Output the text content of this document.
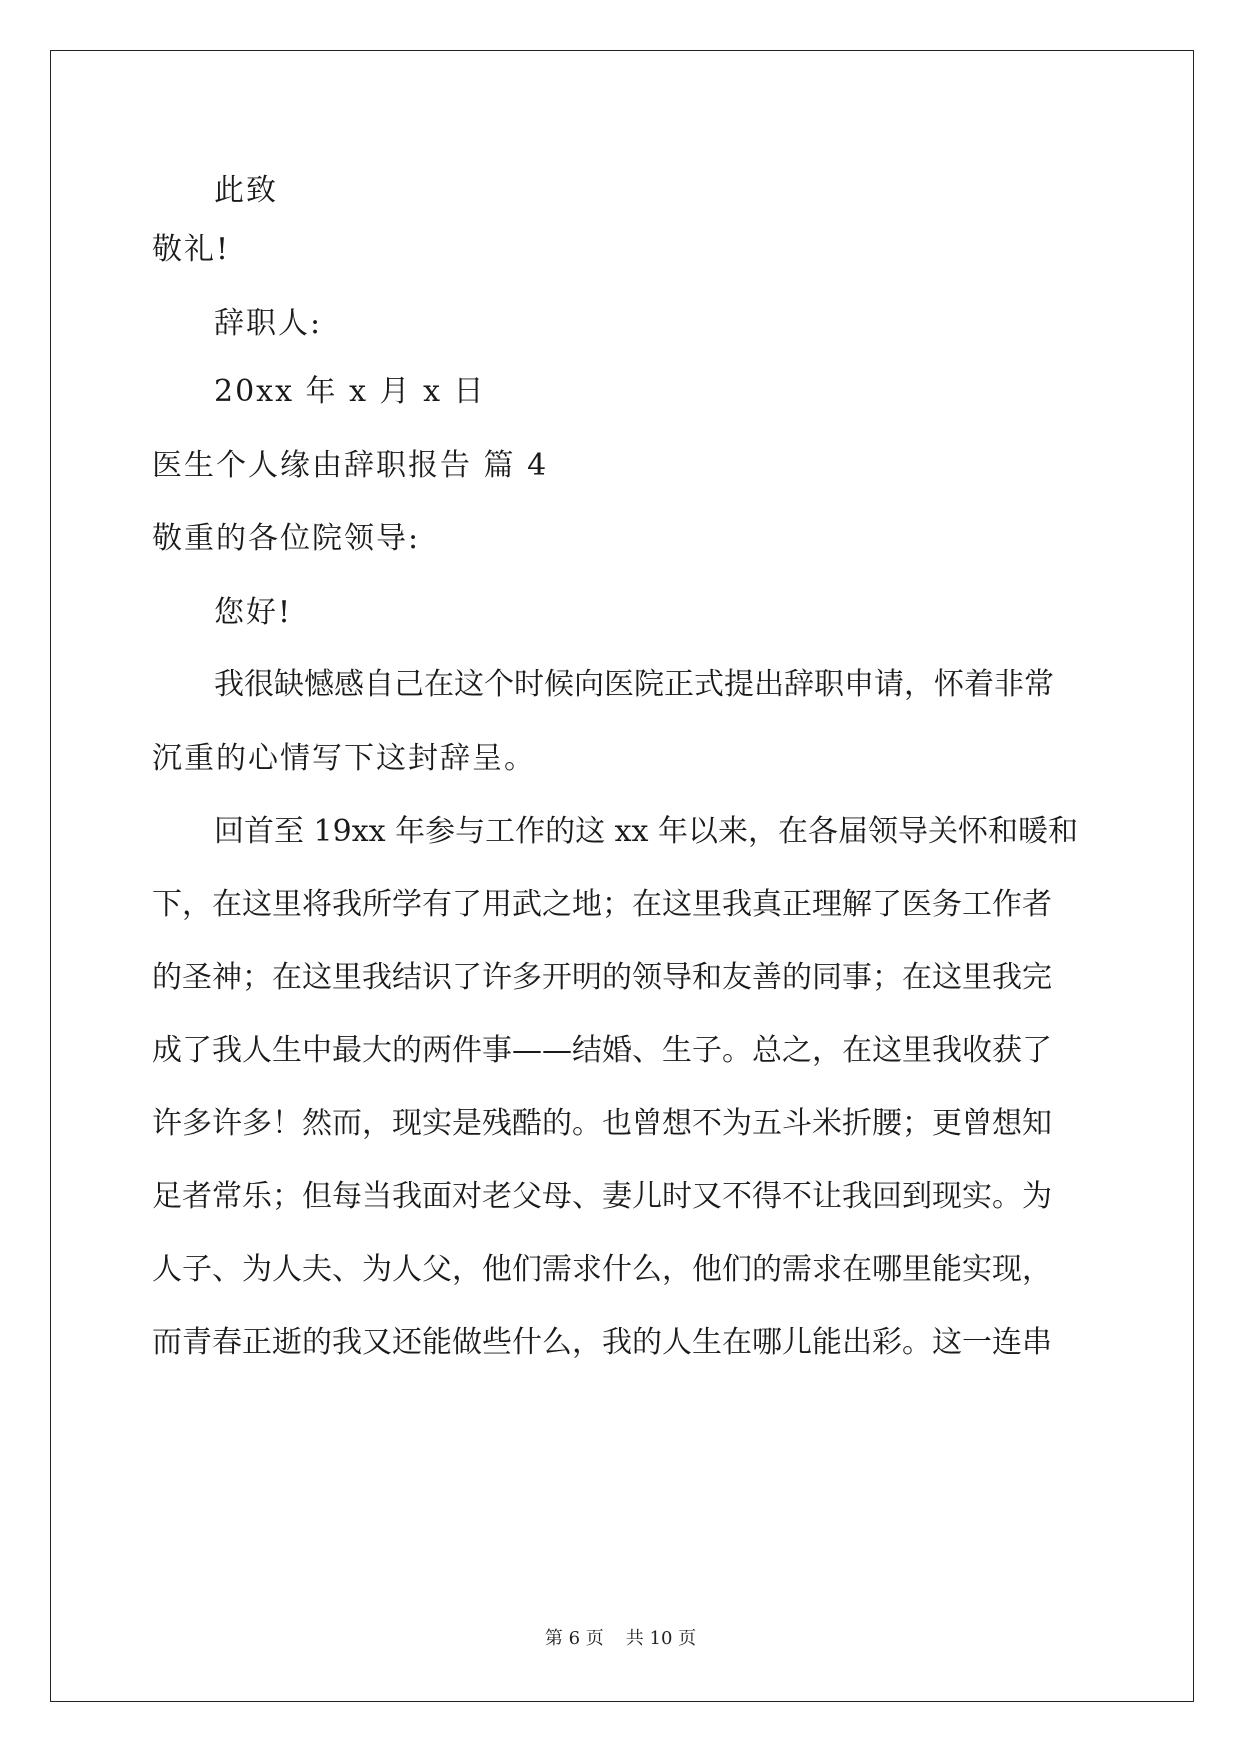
此致
敬礼!
辞职人:
20xx 年 x 月 x 日
医生个人缘由辞职报告 篇 4
敬重的各位院领导:
您好!
我很缺憾感自己在这个时候向医院正式提出辞职申请，怀着非常
沉重的心情写下这封辞呈。
回首至 19xx 年参与工作的这 xx 年以来，在各届领导关怀和暖和
下，在这里将我所学有了用武之地；在这里我真正理解了医务工作者
的圣神；在这里我结识了许多开明的领导和友善的同事；在这里我完
成了我人生中最大的两件事——结婚、生子。总之，在这里我收获了
许多许多！然而，现实是残酷的。也曾想不为五斗米折腰；更曾想知
足者常乐；但每当我面对老父母、妻儿时又不得不让我回到现实。为
人子、为人夫、为人父，他们需求什么，他们的需求在哪里能实现，
而青春正逝的我又还能做些什么，我的人生在哪儿能出彩。这一连串
第 6 页 共 10 页
